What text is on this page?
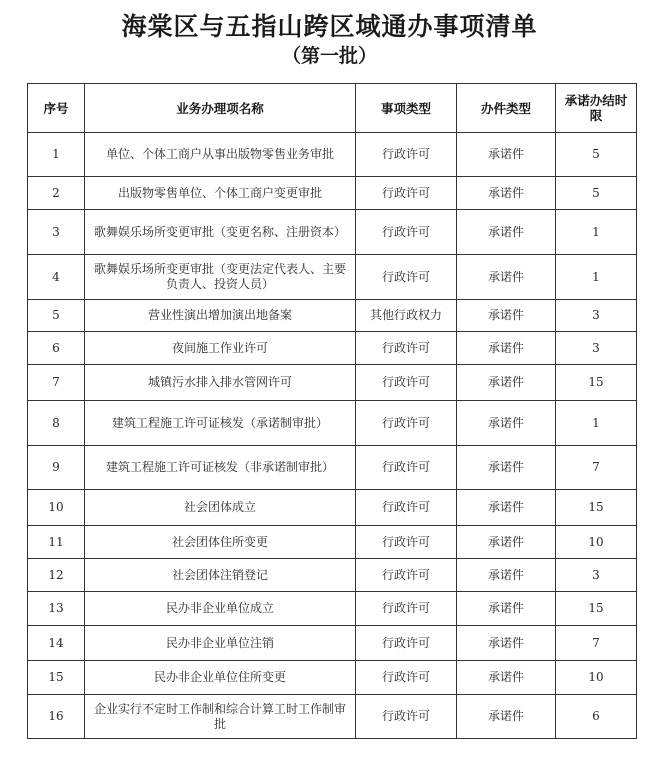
海棠区与五指山跨区域通办事项清单
（第一批）
序号	业务办理项名称	事项类型	办件类型	承诺办结时限
1	单位、个体工商户从事出版物零售业务审批	行政许可	承诺件	5
2	出版物零售单位、个体工商户变更审批	行政许可	承诺件	5
3	歌舞娱乐场所变更审批（变更名称、注册资本）	行政许可	承诺件	1
4	歌舞娱乐场所变更审批（变更法定代表人、主要负责人、投资人员）	行政许可	承诺件	1
5	营业性演出增加演出地备案	其他行政权力	承诺件	3
6	夜间施工作业许可	行政许可	承诺件	3
7	城镇污水排入排水管网许可	行政许可	承诺件	15
8	建筑工程施工许可证核发（承诺制审批）	行政许可	承诺件	1
9	建筑工程施工许可证核发（非承诺制审批）	行政许可	承诺件	7
10	社会团体成立	行政许可	承诺件	15
11	社会团体住所变更	行政许可	承诺件	10
12	社会团体注销登记	行政许可	承诺件	3
13	民办非企业单位成立	行政许可	承诺件	15
14	民办非企业单位注销	行政许可	承诺件	7
15	民办非企业单位住所变更	行政许可	承诺件	10
16	企业实行不定时工作制和综合计算工时工作制审批	行政许可	承诺件	6
